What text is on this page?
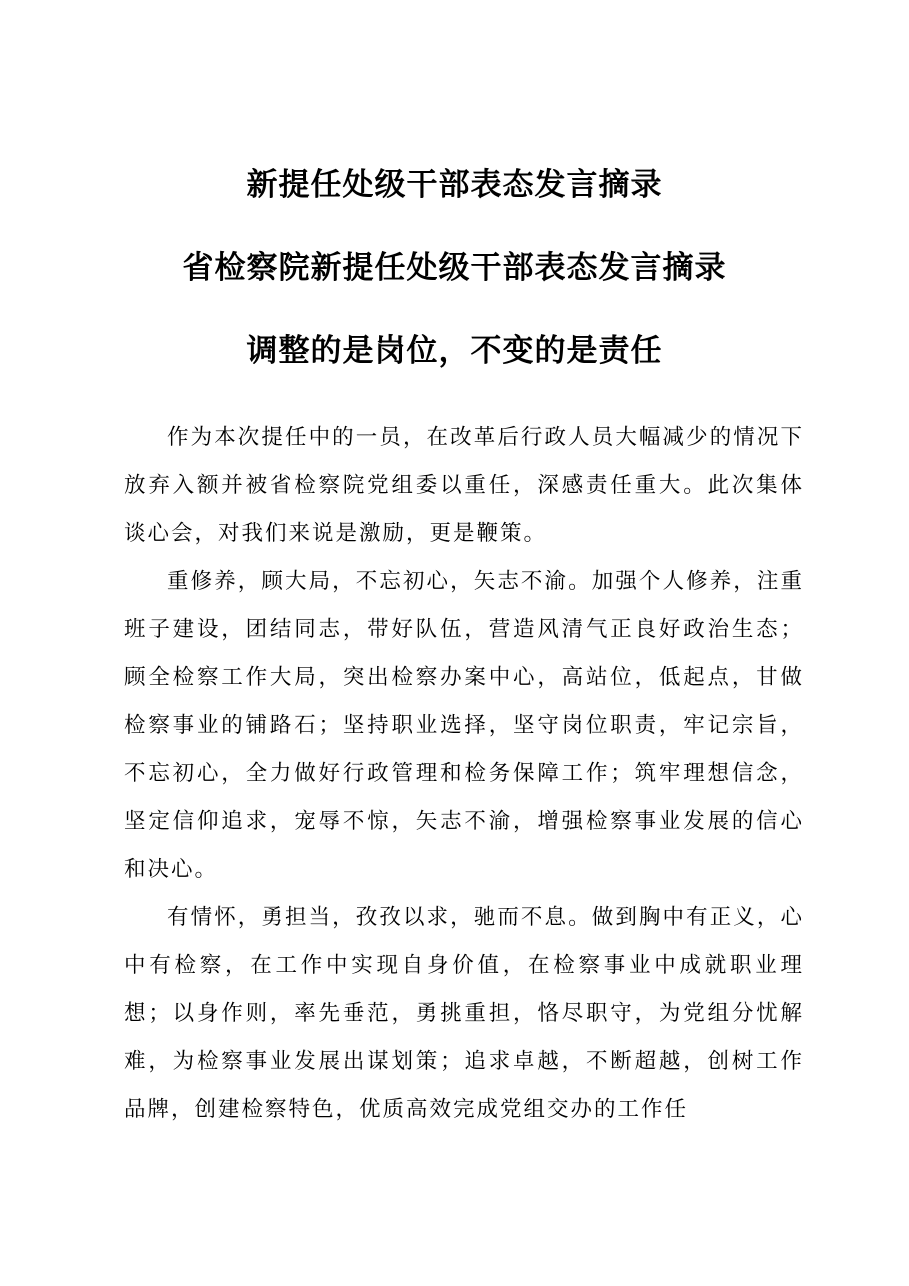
新提任处级干部表态发言摘录
省检察院新提任处级干部表态发言摘录
调整的是岗位，不变的是责任

作为本次提任中的一员，在改革后行政人员大幅减少的情况下放弃入额并被省检察院党组委以重任，深感责任重大。此次集体谈心会，对我们来说是激励，更是鞭策。

重修养，顾大局，不忘初心，矢志不渝。加强个人修养，注重班子建设，团结同志，带好队伍，营造风清气正良好政治生态；顾全检察工作大局，突出检察办案中心，高站位，低起点，甘做检察事业的铺路石；坚持职业选择，坚守岗位职责，牢记宗旨，不忘初心，全力做好行政管理和检务保障工作；筑牢理想信念，坚定信仰追求，宠辱不惊，矢志不渝，增强检察事业发展的信心和决心。

有情怀，勇担当，孜孜以求，驰而不息。做到胸中有正义，心中有检察，在工作中实现自身价值，在检察事业中成就职业理想；以身作则，率先垂范，勇挑重担，恪尽职守，为党组分忧解难，为检察事业发展出谋划策；追求卓越，不断超越，创树工作品牌，创建检察特色，优质高效完成党组交办的工作任
